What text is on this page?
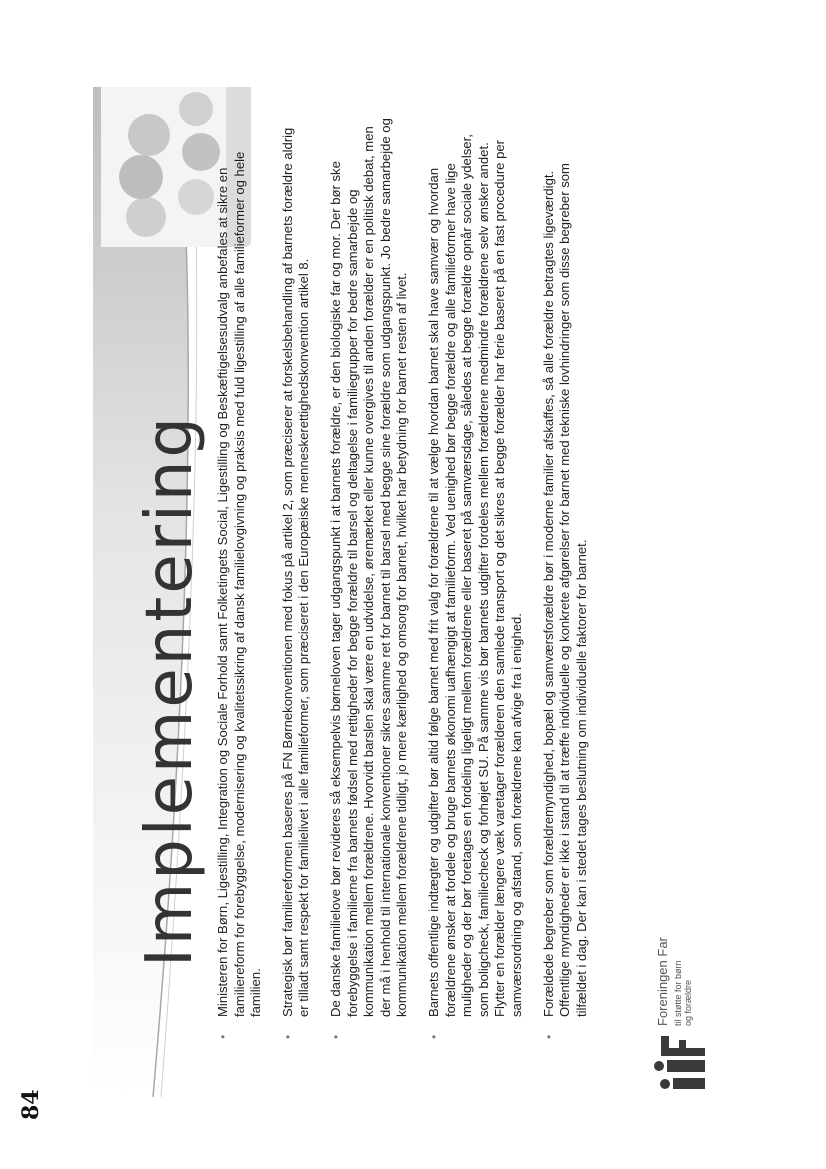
84
Implementering
•
Ministeren for Børn, Ligestilling, Integration og Sociale Forhold samt Folketingets Social, Ligestilling og Beskæftigelsesudvalg anbefales at sikre en familiereform for forebyggelse, modernisering og kvalitetssikring af dansk familielovgivning og praksis med fuld ligestilling af alle familieformer og hele familien.
•
Strategisk bør familiereformen baseres på FN Børnekonventionen med fokus på artikel 2, som præciserer at forskelsbehandling af barnets forældre aldrig er tilladt samt respekt for familielivet i alle familieformer, som præciseret i den Europæiske menneskerettighedskonvention artikel 8.
•
De danske familielove bør revideres så eksempelvis børneloven tager udgangspunkt i at barnets forældre, er den biologiske far og mor. Der bør ske forebyggelse i familierne fra barnets fødsel med rettigheder for begge forældre til barsel og deltagelse i familiegrupper for bedre samarbejde og kommunikation mellem forældrene. Hvorvidt barslen skal være en udvidelse, øremærket eller kunne overgives til anden forælder er en politisk debat, men der må i henhold til internationale konventioner sikres samme ret for barnet til barsel med begge sine forældre som udgangspunkt. Jo bedre samarbejde og kommunikation mellem forældrene tidligt, jo mere kærlighed og omsorg for barnet, hvilket har betydning for barnet resten af livet.
•
Barnets offentlige indtægter og udgifter bør altid følge barnet med frit valg for forældrene til at vælge hvordan barnet skal have samvær og hvordan forældrene ønsker at fordele og bruge barnets økonomi uafhængigt at familieform. Ved uenighed bør begge forældre og alle familieformer have lige muligheder og der bør foretages en fordeling ligeligt mellem forældrene eller baseret på samværsdage, således at begge forældre opnår sociale ydelser, som boligcheck, familiecheck og forhøjet SU. På samme vis bør barnets udgifter fordeles mellem forældrene medmindre forældrene selv ønsker andet. Flytter en forælder længere væk varetager forælderen den samlede transport og det sikres at begge forælder har ferie baseret på en fast procedure per samværsordning og afstand, som forældrene kan afvige fra i enighed.
•
Forældede begreber som forældremyndighed, bopæl og samværsforældre bør i moderne familier afskaffes, så alle forældre betragtes ligeværdigt. Offentlige myndigheder er ikke i stand til at træffe individuelle og konkrete afgørelser for barnet med tekniske lovhindringer som disse begreber som tilfældet i dag. Der kan i stedet tages beslutning om individuelle faktorer for barnet.	Foreningen Far til støtte for børn og forældre
